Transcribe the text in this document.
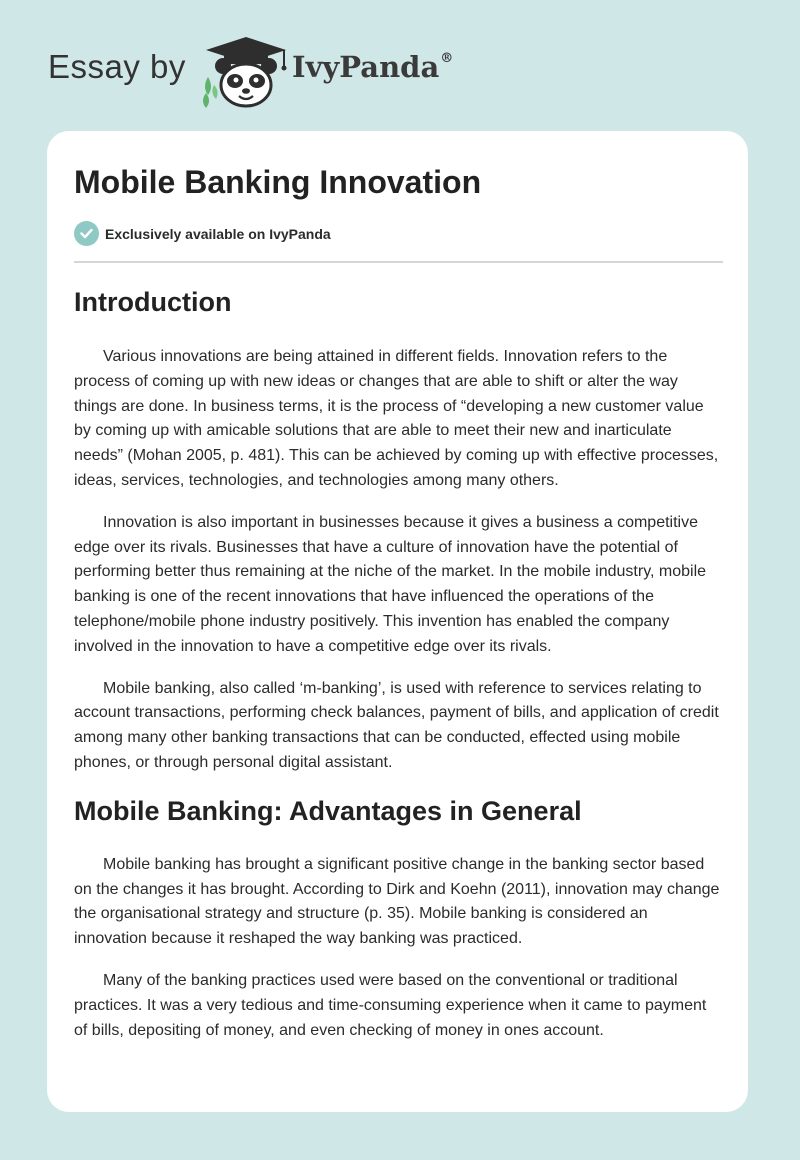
Essay by	IvyPanda®
Mobile Banking Innovation
Exclusively available on IvyPanda
Introduction

Various innovations are being attained in different fields. Innovation refers to the process of coming up with new ideas or changes that are able to shift or alter the way things are done. In business terms, it is the process of “developing a new customer value by coming up with amicable solutions that are able to meet their new and inarticulate needs” (Mohan 2005, p. 481). This can be achieved by coming up with effective processes, ideas, services, technologies, and technologies among many others.

Innovation is also important in businesses because it gives a business a competitive edge over its rivals. Businesses that have a culture of innovation have the potential of performing better thus remaining at the niche of the market. In the mobile industry, mobile banking is one of the recent innovations that have influenced the operations of the telephone/mobile phone industry positively. This invention has enabled the company involved in the innovation to have a competitive edge over its rivals.

Mobile banking, also called ‘m-banking’, is used with reference to services relating to account transactions, performing check balances, payment of bills, and application of credit among many other banking transactions that can be conducted, effected using mobile phones, or through personal digital assistant.

Mobile Banking: Advantages in General

Mobile banking has brought a significant positive change in the banking sector based on the changes it has brought. According to Dirk and Koehn (2011), innovation may change the organisational strategy and structure (p. 35). Mobile banking is considered an innovation because it reshaped the way banking was practiced.

Many of the banking practices used were based on the conventional or traditional practices. It was a very tedious and time-consuming experience when it came to payment of bills, depositing of money, and even checking of money in ones account.
